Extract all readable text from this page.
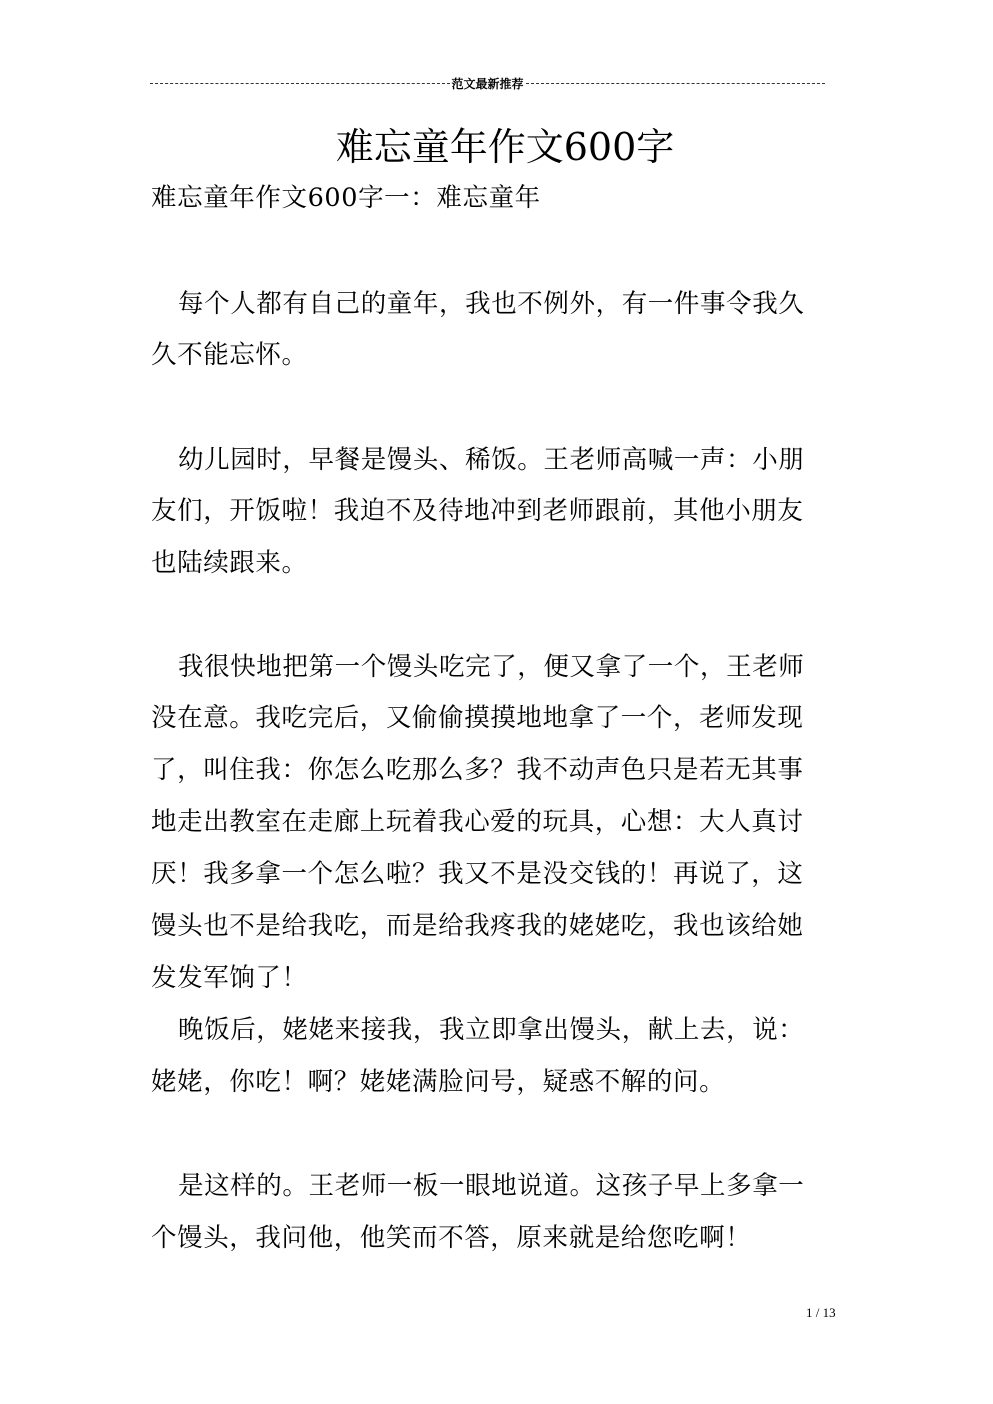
范文最新推荐
难忘童年作文600字
难忘童年作文600字一：难忘童年
每个人都有自己的童年，我也不例外，有一件事令我久
久不能忘怀。
幼儿园时，早餐是馒头、稀饭。王老师高喊一声：小朋
友们，开饭啦！我迫不及待地冲到老师跟前，其他小朋友
也陆续跟来。
我很快地把第一个馒头吃完了，便又拿了一个，王老师
没在意。我吃完后，又偷偷摸摸地地拿了一个，老师发现
了，叫住我：你怎么吃那么多？我不动声色只是若无其事
地走出教室在走廊上玩着我心爱的玩具，心想：大人真讨
厌！我多拿一个怎么啦？我又不是没交钱的！再说了，这
馒头也不是给我吃，而是给我疼我的姥姥吃，我也该给她
发发军饷了！
晚饭后，姥姥来接我，我立即拿出馒头，献上去，说：
姥姥，你吃！啊？姥姥满脸问号，疑惑不解的问。
是这样的。王老师一板一眼地说道。这孩子早上多拿一
个馒头，我问他，他笑而不答，原来就是给您吃啊！
1 / 13
